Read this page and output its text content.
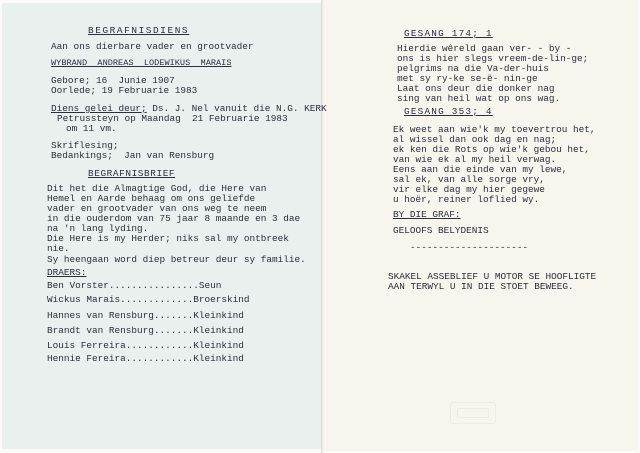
BEGRAFNISDIENS
Aan ons dierbare vader en grootvader
WYBRAND  ANDREAS  LODEWIKUS  MARAIS
Gebore; 16  Junie 1907
Oorlede; 19 Februarie 1983
Diens gelei deur; Ds. J. Nel vanuit die N.G. KERK
Petrussteyn op Maandag  21 Februarie 1983
om 11 vm.
Skriflesing;
Bedankings;  Jan van Rensburg
BEGRAFNISBRIEF
Dit het die Almagtige God, die Here van
Hemel en Aarde behaag om ons geliefde
vader en grootvader van ons weg te neem
in die ouderdom van 75 jaar 8 maande en 3 dae
na 'n lang lyding.
Die Here is my Herder; niks sal my ontbreek
nie.
Sy heengaan word diep betreur deur sy familie.
DRAERS:
Ben Vorster................Seun
Wickus Marais.............Broerskind
Hannes van Rensburg.......Kleinkind
Brandt van Rensburg.......Kleinkind
Louis Ferreira............Kleinkind
Hennie Fereira............Kleinkind
GESANG 174; 1
Hierdie wêreld gaan ver- - by -
ons is hier slegs vreem-de-lin-ge;
pelgrims na die Va-der-huis
met sy ry-ke se-ë- nin-ge
Laat ons deur die donker nag
sing van heil wat op ons wag.
GESANG 353; 4
Ek weet aan wie'k my toevertrou het,
al wissel dan ook dag en nag;
ek ken die Rots op wie'k gebou het,
van wie ek al my heil verwag.
Eens aan die einde van my lewe,
sal ek, van alle sorge vry,
vir elke dag my hier gegewe
u hoër, reiner loflied wy.
BY DIE GRAF:
GELOOFS BELYDENIS
---------------------
SKAKEL ASSEBLIEF U MOTOR SE HOOFLIGTE
AAN TERWYL U IN DIE STOET BEWEEG.
